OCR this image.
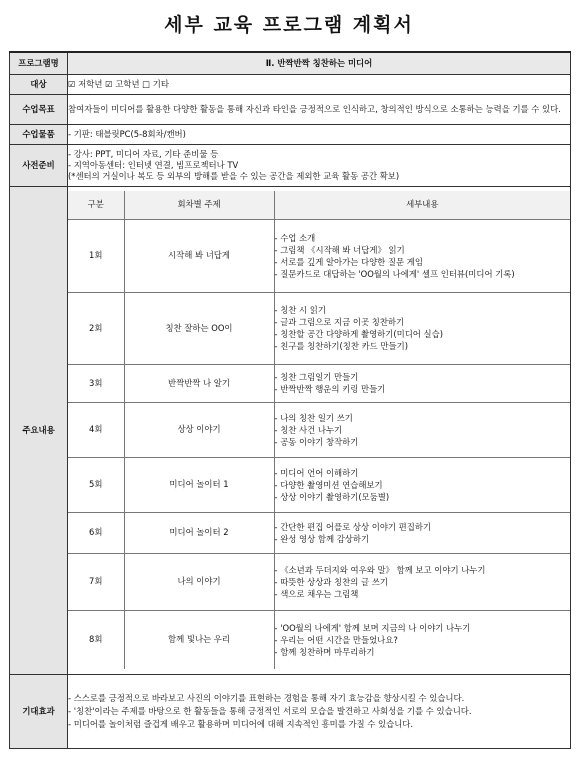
세부 교육 프로그램 계획서
프로그램명	Ⅱ. 반짝반짝 칭찬하는 미디어
대상	☑ 저학년 ☑ 고학년 □ 기타
수업목표	참여자들이 미디어를 활용한 다양한 활동을 통해 자신과 타인을 긍정적으로 인식하고, 창의적인 방식으로 소통하는 능력을 기를 수 있다.
수업물품	-기판: 태블릿PC(5-8회차/캔버)
사전준비	
- 강사: PPT, 미디어 자료, 기타 준비물 등
- 지역아동센터: 인터넷 연결, 빔프로젝터나 TV
(*센터의 거실이나 복도 등 외부의 방해를 받을 수 있는 공간을 제외한 교육 활동 공간 확보)

주요내용	
구분	회차별 주제	세부내용
1회	시작해 봐 너답게	
- 수업 소개
- 그림책 《시작해 봐 너답게》 읽기
- 서로를 깊게 알아가는 다양한 질문 게임
- 질문카드로 대답하는 'OO월의 나에게' 셀프 인터뷰(미디어 기록)

2회	칭찬 잘하는 OO이	
- 칭찬 시 읽기
- 글과 그림으로 지금 이곳 칭찬하기
- 칭찬할 공간 다양하게 촬영하기(미디어 실습)
- 친구를 칭찬하기(칭찬 카드 만들기)

3회	반짝반짝 나 알기	
- 칭찬 그림일기 만들기
- 반짝반짝 행운의 키링 만들기

4회	상상 이야기	
- 나의 칭찬 일기 쓰기
- 칭찬 사건 나누기
- 공동 이야기 창작하기

5회	미디어 놀이터 1	
- 미디어 언어 이해하기
- 다양한 촬영미션 연습해보기
- 상상 이야기 촬영하기(모둠별)

6회	미디어 놀이터 2	
- 간단한 편집 어플로 상상 이야기 편집하기
- 완성 영상 함께 감상하기

7회	나의 이야기	
- 《소년과 두더지와 여우와 말》 함께 보고 이야기 나누기
- 따뜻한 상상과 칭찬의 글 쓰기
- 색으로 채우는 그림책

8회	함께 빛나는 우리	
- 'OO월의 나에게' 함께 보며 지금의 나 이야기 나누기
- 우리는 어떤 시간을 만들었나요?
- 함께 칭찬하며 마무리하기

기대효과	
- 스스로를 긍정적으로 바라보고 사진의 이야기를 표현하는 경험을 통해 자기 효능감을 향상시킬 수 있습니다.
- '칭찬'이라는 주제를 바탕으로 한 활동들을 통해 긍정적인 서로의 모습을 발견하고 사회성을 기를 수 있습니다.
- 미디어를 놀이처럼 즐겁게 배우고 활용하며 미디어에 대해 지속적인 흥미를 가질 수 있습니다.
